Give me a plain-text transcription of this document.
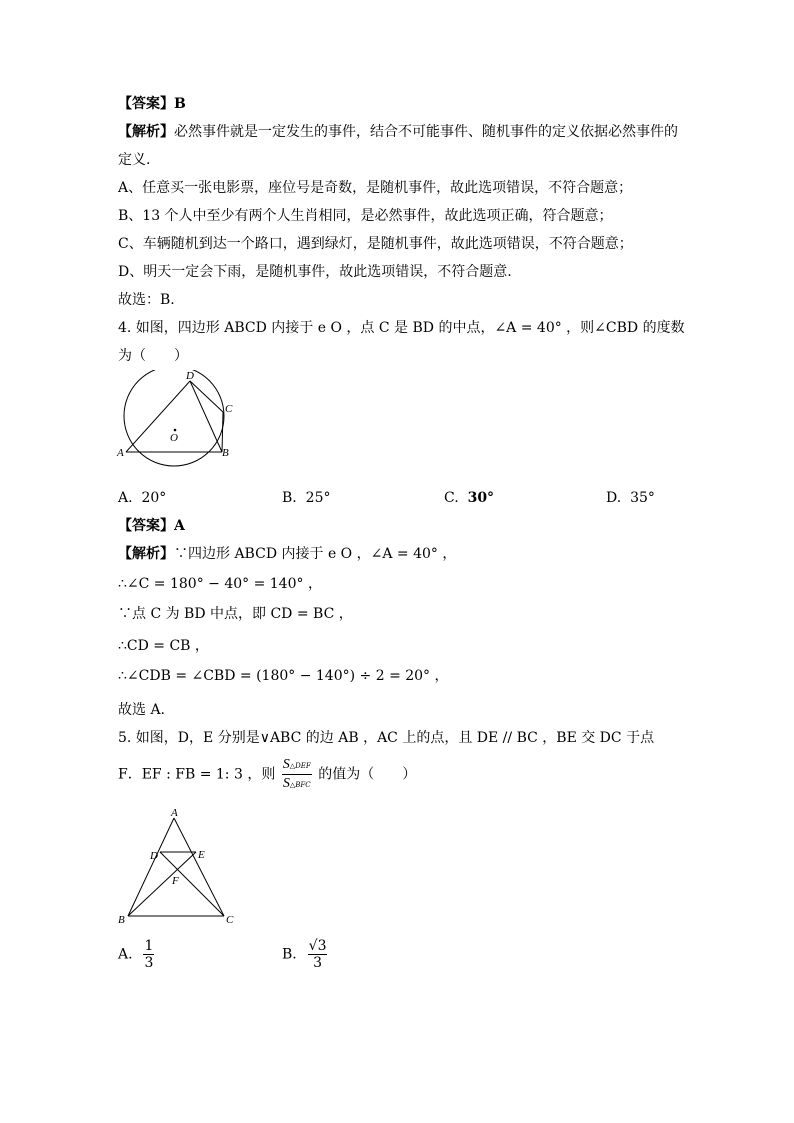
【答案】B
【解析】必然事件就是一定发生的事件，结合不可能事件、随机事件的定义依据必然事件的
定义.
A、任意买一张电影票，座位号是奇数，是随机事件，故此选项错误，不符合题意；
B、13 个人中至少有两个人生肖相同，是必然事件，故此选项正确，符合题意；
C、车辆随机到达一个路口，遇到绿灯，是随机事件，故此选项错误，不符合题意；
D、明天一定会下雨，是随机事件，故此选项错误，不符合题意.
故选：B.
4. 如图，四边形 ABCD 内接于 e O ，点 C 是 BD 的中点，∠A = 40° ，则∠CBD 的度数
为（　　）
D
C
O
A	B
A. 20°	B. 25°	C. 30°	D. 35°
【答案】A
【解析】∵四边形 ABCD 内接于 e O ，∠A = 40° ，
∴∠C = 180° − 40° = 140° ，
∵点 C 为 BD 中点，即 CD = BC ，
∴CD = CB ，
∴∠CDB = ∠CBD = (180° − 140°) ÷ 2 = 20° ，
故选 A.
5. 如图，D，E 分别是∨ABC 的边 AB ，AC 上的点，且 DE // BC ，BE 交 DC 于点
F．EF : FB = 1: 3 ，则 $\frac{\text{S△DEF}}{\text{S△BFC}}$ 的值为（　　）
A
D	E
F
B	C
A. $\frac{1}{3}$	B. $\frac{√3}{3}$
